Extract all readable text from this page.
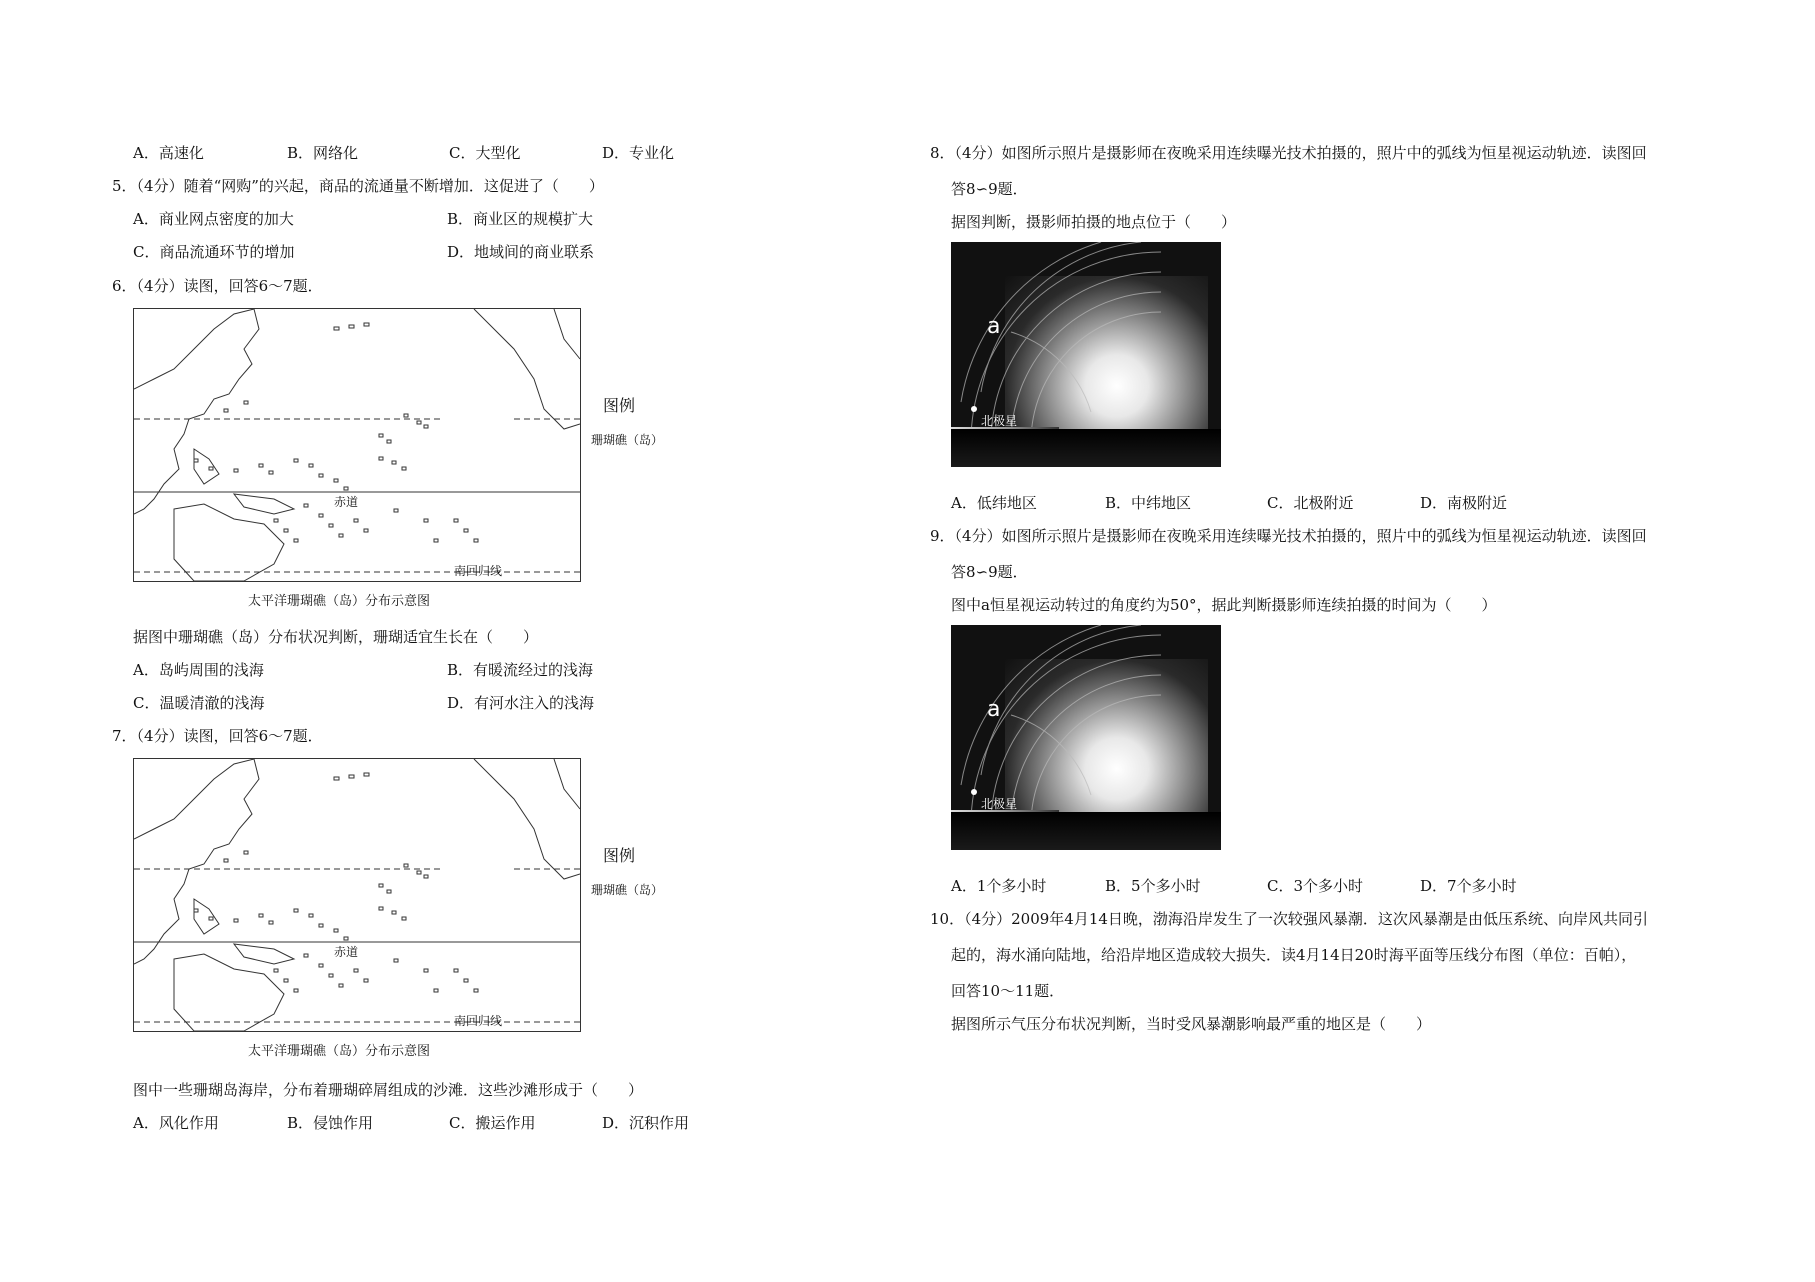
A．高速化	B．网络化	C．大型化	D．专业化
5．（4分）随着“网购”的兴起，商品的流通量不断增加．这促进了（　　）
A．商业网点密度的加大	B．商业区的规模扩大
C．商品流通环节的增加	D．地域间的商业联系
6．（4分）读图，回答6～7题．
赤道
南回归线
图例
珊瑚礁（岛）
太平洋珊瑚礁（岛）分布示意图
据图中珊瑚礁（岛）分布状况判断，珊瑚适宜生长在（　　）
A．岛屿周围的浅海	B．有暖流经过的浅海
C．温暖清澈的浅海	D．有河水注入的浅海
7．（4分）读图，回答6～7题．
赤道
南回归线
图例
珊瑚礁（岛）
太平洋珊瑚礁（岛）分布示意图
图中一些珊瑚岛海岸，分布着珊瑚碎屑组成的沙滩．这些沙滩形成于（　　）
A．风化作用	B．侵蚀作用	C．搬运作用	D．沉积作用
8．（4分）如图所示照片是摄影师在夜晚采用连续曝光技术拍摄的，照片中的弧线为恒星视运动轨迹．读图回
答8∽9题．
据图判断，摄影师拍摄的地点位于（　　）
a
北极星
A．低纬地区	B．中纬地区	C．北极附近	D．南极附近
9．（4分）如图所示照片是摄影师在夜晚采用连续曝光技术拍摄的，照片中的弧线为恒星视运动轨迹．读图回
答8∽9题．
图中a恒星视运动转过的角度约为50°，据此判断摄影师连续拍摄的时间为（　　）
a
北极星
A．1个多小时	B．5个多小时	C．3个多小时	D．7个多小时
10．（4分）2009年4月14日晚，渤海沿岸发生了一次较强风暴潮．这次风暴潮是由低压系统、向岸风共同引
起的，海水涌向陆地，给沿岸地区造成较大损失．读4月14日20时海平面等压线分布图（单位：百帕），
回答10～11题．
据图所示气压分布状况判断，当时受风暴潮影响最严重的地区是（　　）
